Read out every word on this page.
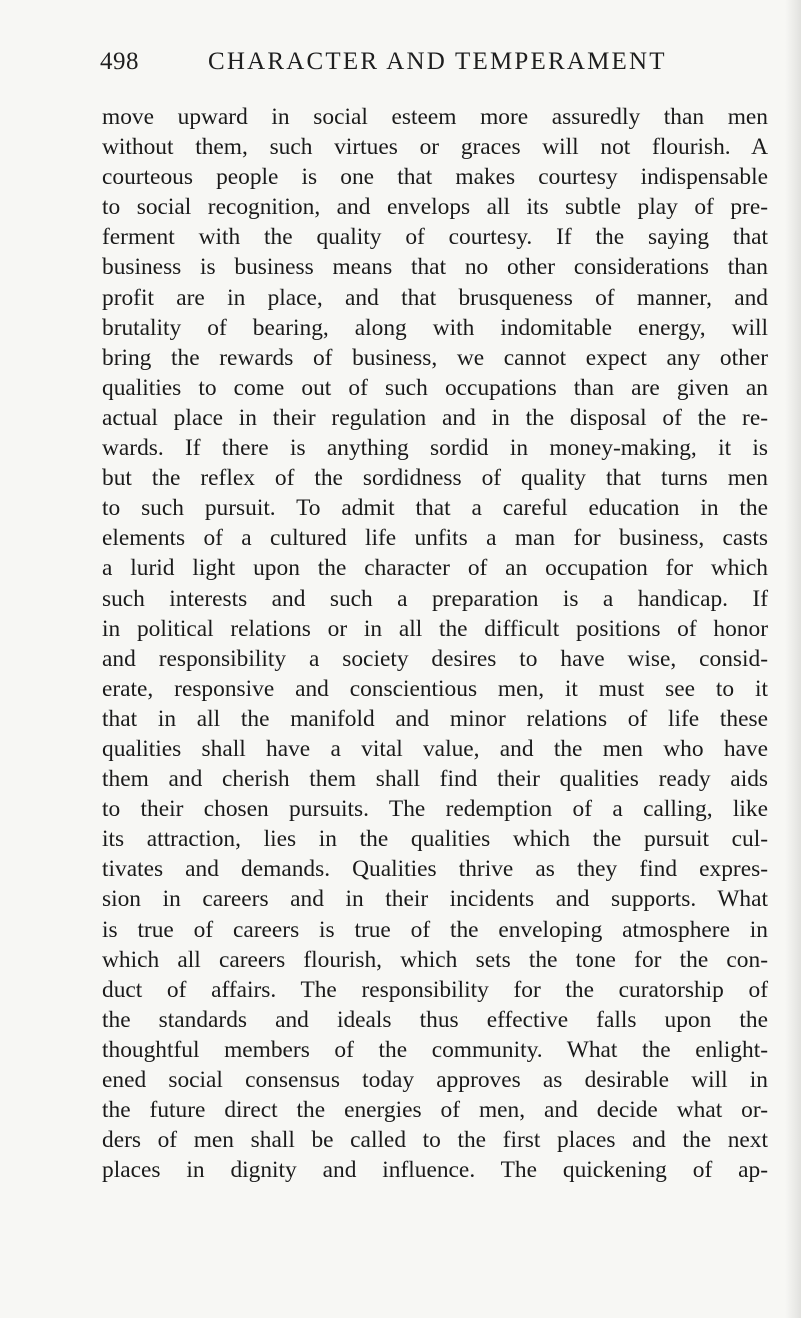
498	CHARACTER AND TEMPERAMENT
move upward in social esteem more assuredly than men
without them, such virtues or graces will not flourish. A
courteous people is one that makes courtesy indispensable
to social recognition, and envelops all its subtle play of pre-
ferment with the quality of courtesy. If the saying that
business is business means that no other considerations than
profit are in place, and that brusqueness of manner, and
brutality of bearing, along with indomitable energy, will
bring the rewards of business, we cannot expect any other
qualities to come out of such occupations than are given an
actual place in their regulation and in the disposal of the re-
wards. If there is anything sordid in money-making, it is
but the reflex of the sordidness of quality that turns men
to such pursuit. To admit that a careful education in the
elements of a cultured life unfits a man for business, casts
a lurid light upon the character of an occupation for which
such interests and such a preparation is a handicap. If
in political relations or in all the difficult positions of honor
and responsibility a society desires to have wise, consid-
erate, responsive and conscientious men, it must see to it
that in all the manifold and minor relations of life these
qualities shall have a vital value, and the men who have
them and cherish them shall find their qualities ready aids
to their chosen pursuits. The redemption of a calling, like
its attraction, lies in the qualities which the pursuit cul-
tivates and demands. Qualities thrive as they find expres-
sion in careers and in their incidents and supports. What
is true of careers is true of the enveloping atmosphere in
which all careers flourish, which sets the tone for the con-
duct of affairs. The responsibility for the curatorship of
the standards and ideals thus effective falls upon the
thoughtful members of the community. What the enlight-
ened social consensus today approves as desirable will in
the future direct the energies of men, and decide what or-
ders of men shall be called to the first places and the next
places in dignity and influence. The quickening of ap-
